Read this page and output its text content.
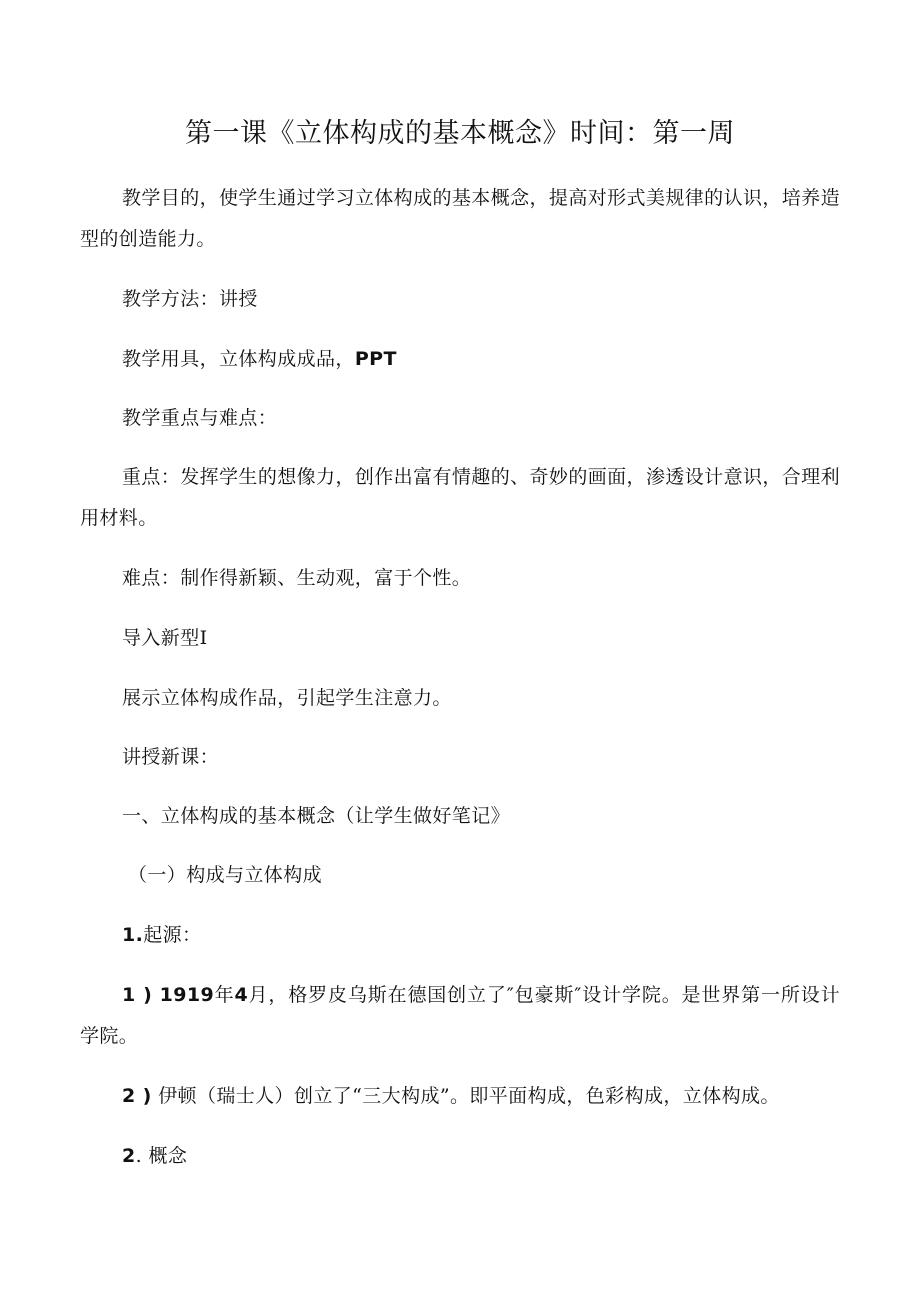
第一课《立体构成的基本概念》时间：第一周

教学目的，使学生通过学习立体构成的基本概念，提高对形式美规律的认识，培养造型的创造能力。

教学方法：讲授

教学用具，立体构成成品，PPT

教学重点与难点：

重点：发挥学生的想像力，创作出富有情趣的、奇妙的画面，渗透设计意识，合理利用材料。

难点：制作得新颖、生动观，富于个性。

导入新型I

展示立体构成作品，引起学生注意力。

讲授新课：

一、立体构成的基本概念（让学生做好笔记》

（一）构成与立体构成

1.起源：

1 ) 1919年4月，格罗皮乌斯在德国创立了″包豪斯″设计学院。是世界第一所设计学院。

2 ) 伊顿（瑞士人）创立了“三大构成”。即平面构成，色彩构成，立体构成。

2. 概念
